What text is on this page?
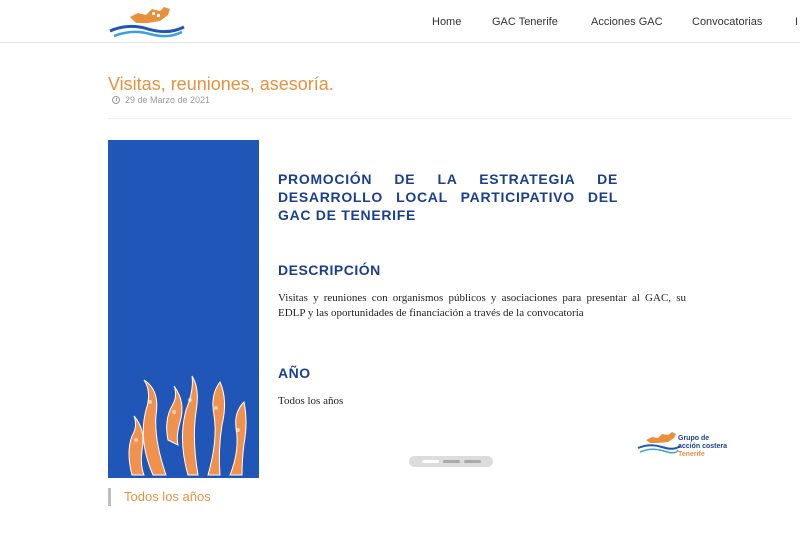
Home	GAC Tenerife	Acciones GAC	Convocatorias	I
Visitas, reuniones, asesoría.
29 de Marzo de 2021
PROMOCIÓN DE LA ESTRATEGIA DE DESARROLLO LOCAL PARTICIPATIVO DEL GAC DE TENERIFE
DESCRIPCIÓN
Visitas y reuniones con organismos públicos y asociaciones para presentar al GAC, su EDLP y las oportunidades de financiación a través de la convocatoria
AÑO
Todos los años
Grupo de
acción costera
Tenerife
Todos los años
